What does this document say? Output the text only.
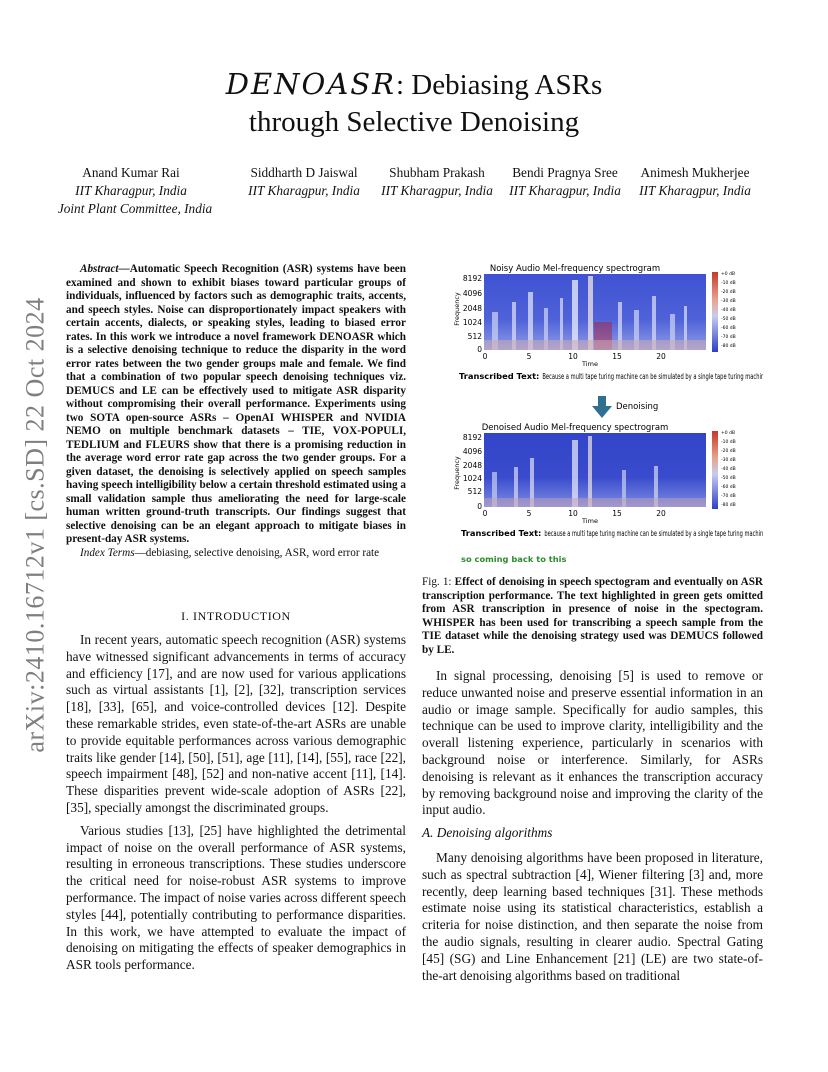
arXiv:2410.16712v1 [cs.SD] 22 Oct 2024
DENOASR: Debiasing ASRs
through Selective Denoising
Anand Kumar Rai
IIT Kharagpur, India
Joint Plant Committee, India
Siddharth D Jaiswal
IIT Kharagpur, India
Shubham Prakash
IIT Kharagpur, India
Bendi Pragnya Sree
IIT Kharagpur, India
Animesh Mukherjee
IIT Kharagpur, India

Abstract—Automatic Speech Recognition (ASR) systems have been examined and shown to exhibit biases toward particular groups of individuals, influenced by factors such as demographic traits, accents, and speech styles. Noise can disproportionately impact speakers with certain accents, dialects, or speaking styles, leading to biased error rates. In this work we introduce a novel framework DENOASR which is a selective denoising technique to reduce the disparity in the word error rates between the two gender groups male and female. We find that a combination of two popular speech denoising techniques viz. DEMUCS and LE can be effectively used to mitigate ASR disparity without compromising their overall performance. Experiments using two SOTA open-source ASRs – OpenAI WHISPER and NVIDIA NEMO on multiple benchmark datasets – TIE, VOX-POPULI, TEDLIUM and FLEURS show that there is a promising reduction in the average word error rate gap across the two gender groups. For a given dataset, the denoising is selectively applied on speech samples having speech intelligibility below a certain threshold estimated using a small validation sample thus ameliorating the need for large-scale human written ground-truth transcripts. Our findings suggest that selective denoising can be an elegant approach to mitigate biases in present-day ASR systems.

Index Terms—debiasing, selective denoising, ASR, word error rate

I. INTRODUCTION

In recent years, automatic speech recognition (ASR) systems have witnessed significant advancements in terms of accuracy and efficiency [17], and are now used for various applications such as virtual assistants [1], [2], [32], transcription services [18], [33], [65], and voice-controlled devices [12]. Despite these remarkable strides, even state-of-the-art ASRs are unable to provide equitable performances across various demographic traits like gender [14], [50], [51], age [11], [14], [55], race [22], speech impairment [48], [52] and non-native accent [11], [14]. These disparities prevent wide-scale adoption of ASRs [22], [35], specially amongst the discriminated groups.

Various studies [13], [25] have highlighted the detrimental impact of noise on the overall performance of ASR systems, resulting in erroneous transcriptions. These studies underscore the critical need for noise-robust ASR systems to improve performance. The impact of noise varies across different speech styles [44], potentially contributing to performance disparities. In this work, we have attempted to evaluate the impact of denoising on mitigating the effects of speaker demographics in ASR tools performance.

Noisy Audio Mel-frequency spectrogram
Frequency
8192
4096
2048
1024
512
0
0	5	10	15	20
Time
+0 dB
-10 dB
-20 dB
-30 dB
-40 dB
-50 dB
-60 dB
-70 dB
-80 dB
Transcribed Text: Because a multi tape turing machine can be simulated by a single tape turing machine
Denoising
Denoised Audio Mel-frequency spectrogram
Frequency
8192
4096
2048
1024
512
0
0	5	10	15	20
Time
+0 dB
-10 dB
-20 dB
-30 dB
-40 dB
-50 dB
-60 dB
-70 dB
-80 dB
Transcribed Text: because a multi tape turing machine can be simulated by a single tape turing machine
so coming back to this
Fig. 1: Effect of denoising in speech spectogram and eventually on ASR transcription performance. The text highlighted in green gets omitted from ASR transcription in presence of noise in the spectogram. WHISPER has been used for transcribing a speech sample from the TIE dataset while the denoising strategy used was DEMUCS followed by LE.

In signal processing, denoising [5] is used to remove or reduce unwanted noise and preserve essential information in an audio or image sample. Specifically for audio samples, this technique can be used to improve clarity, intelligibility and the overall listening experience, particularly in scenarios with background noise or interference. Similarly, for ASRs denoising is relevant as it enhances the transcription accuracy by removing background noise and improving the clarity of the input audio.

A. Denoising algorithms

Many denoising algorithms have been proposed in literature, such as spectral subtraction [4], Wiener filtering [3] and, more recently, deep learning based techniques [31]. These methods estimate noise using its statistical characteristics, establish a criteria for noise distinction, and then separate the noise from the audio signals, resulting in clearer audio. Spectral Gating [45] (SG) and Line Enhancement [21] (LE) are two state-of-the-art denoising algorithms based on traditional
